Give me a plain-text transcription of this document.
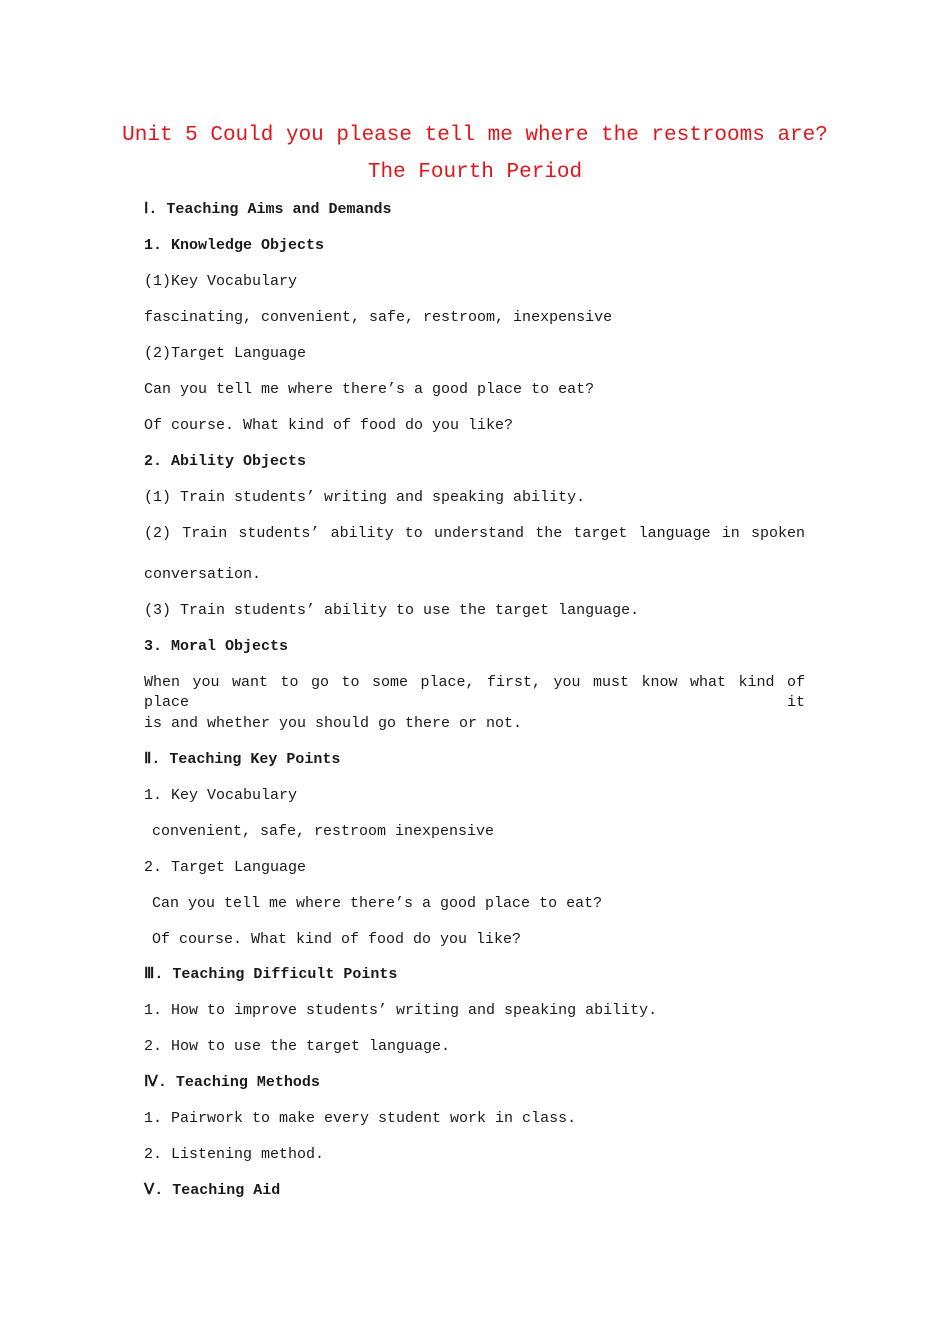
Unit 5 Could you please tell me where the restrooms are?
The Fourth Period
Ⅰ. Teaching Aims and Demands
1. Knowledge Objects
(1)Key Vocabulary
fascinating, convenient, safe, restroom, inexpensive
(2)Target Language
Can you tell me where there’s a good place to eat?
Of course. What kind of food do you like?
2. Ability Objects
(1) Train students’ writing and speaking ability.
(2) Train students’ ability to understand the target language in spoken
conversation.
(3) Train students’ ability to use the target language.
3. Moral Objects
When you want to go to some place, first, you must know what kind of place it
is and whether you should go there or not.
Ⅱ. Teaching Key Points
1. Key Vocabulary
convenient, safe, restroom inexpensive
2. Target Language
Can you tell me where there’s a good place to eat?
Of course. What kind of food do you like?
Ⅲ. Teaching Difficult Points
1. How to improve students’ writing and speaking ability.
2. How to use the target language.
Ⅳ. Teaching Methods
1. Pairwork to make every student work in class.
2. Listening method.
Ⅴ. Teaching Aid
